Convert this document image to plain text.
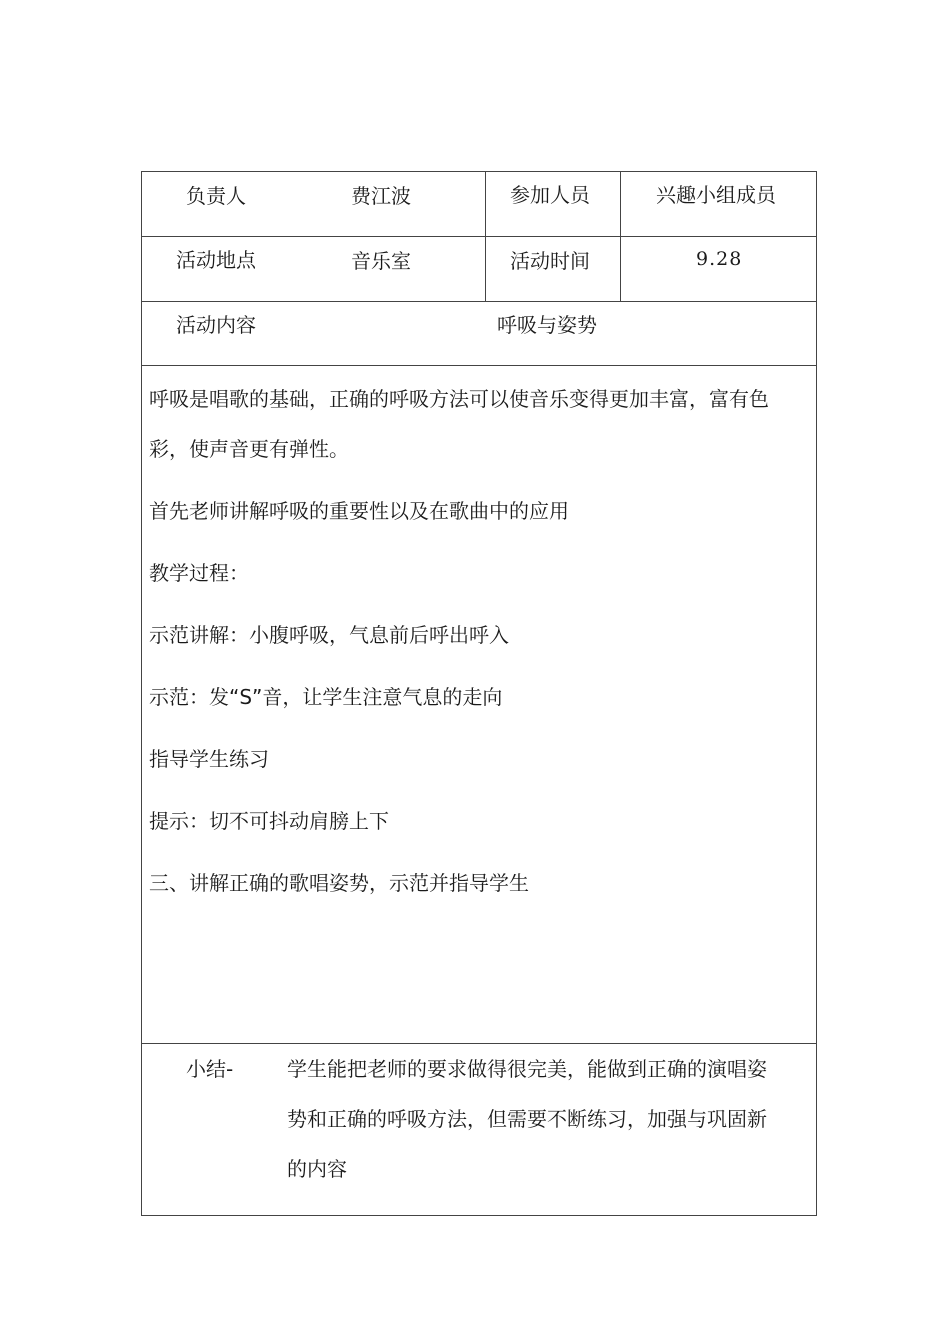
负责人	费江波	参加人员	兴趣小组成员
活动地点	音乐室	活动时间	9.28
活动内容	呼吸与姿势

呼吸是唱歌的基础，正确的呼吸方法可以使音乐变得更加丰富，富有色

彩，使声音更有弹性。

首先老师讲解呼吸的重要性以及在歌曲中的应用

教学过程：

示范讲解：小腹呼吸，气息前后呼出呼入

示范：发“S”音，让学生注意气息的走向

指导学生练习

提示：切不可抖动肩膀上下

三、讲解正确的歌唱姿势，示范并指导学生

小结-	学生能把老师的要求做得很完美，能做到正确的演唱姿

势和正确的呼吸方法，但需要不断练习，加强与巩固新

的内容
